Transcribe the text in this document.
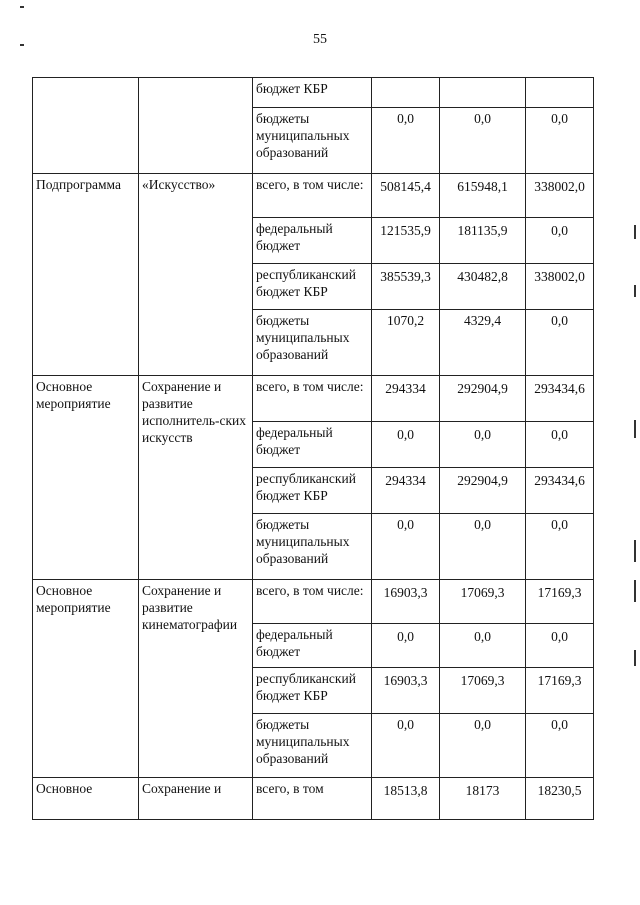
55
		бюджет КБР			
		бюджеты муниципальных образований	0,0	0,0	0,0
Подпрограмма	«Искусство»	всего, в том числе:	508145,4	615948,1	338002,0
		федеральный бюджет	121535,9	181135,9	0,0
		республиканский бюджет КБР	385539,3	430482,8	338002,0
		бюджеты муниципальных образований	1070,2	4329,4	0,0
Основное мероприятие	Сохранение и развитие исполнитель-ских искусств	всего, в том числе:	294334	292904,9	293434,6
		федеральный бюджет	0,0	0,0	0,0
		республиканский бюджет КБР	294334	292904,9	293434,6
		бюджеты муниципальных образований	0,0	0,0	0,0
Основное мероприятие	Сохранение и развитие кинематографии	всего, в том числе:	16903,3	17069,3	17169,3
		федеральный бюджет	0,0	0,0	0,0
		республиканский бюджет КБР	16903,3	17069,3	17169,3
		бюджеты муниципальных образований	0,0	0,0	0,0
Основное	Сохранение и	всего, в том	18513,8	18173	18230,5
